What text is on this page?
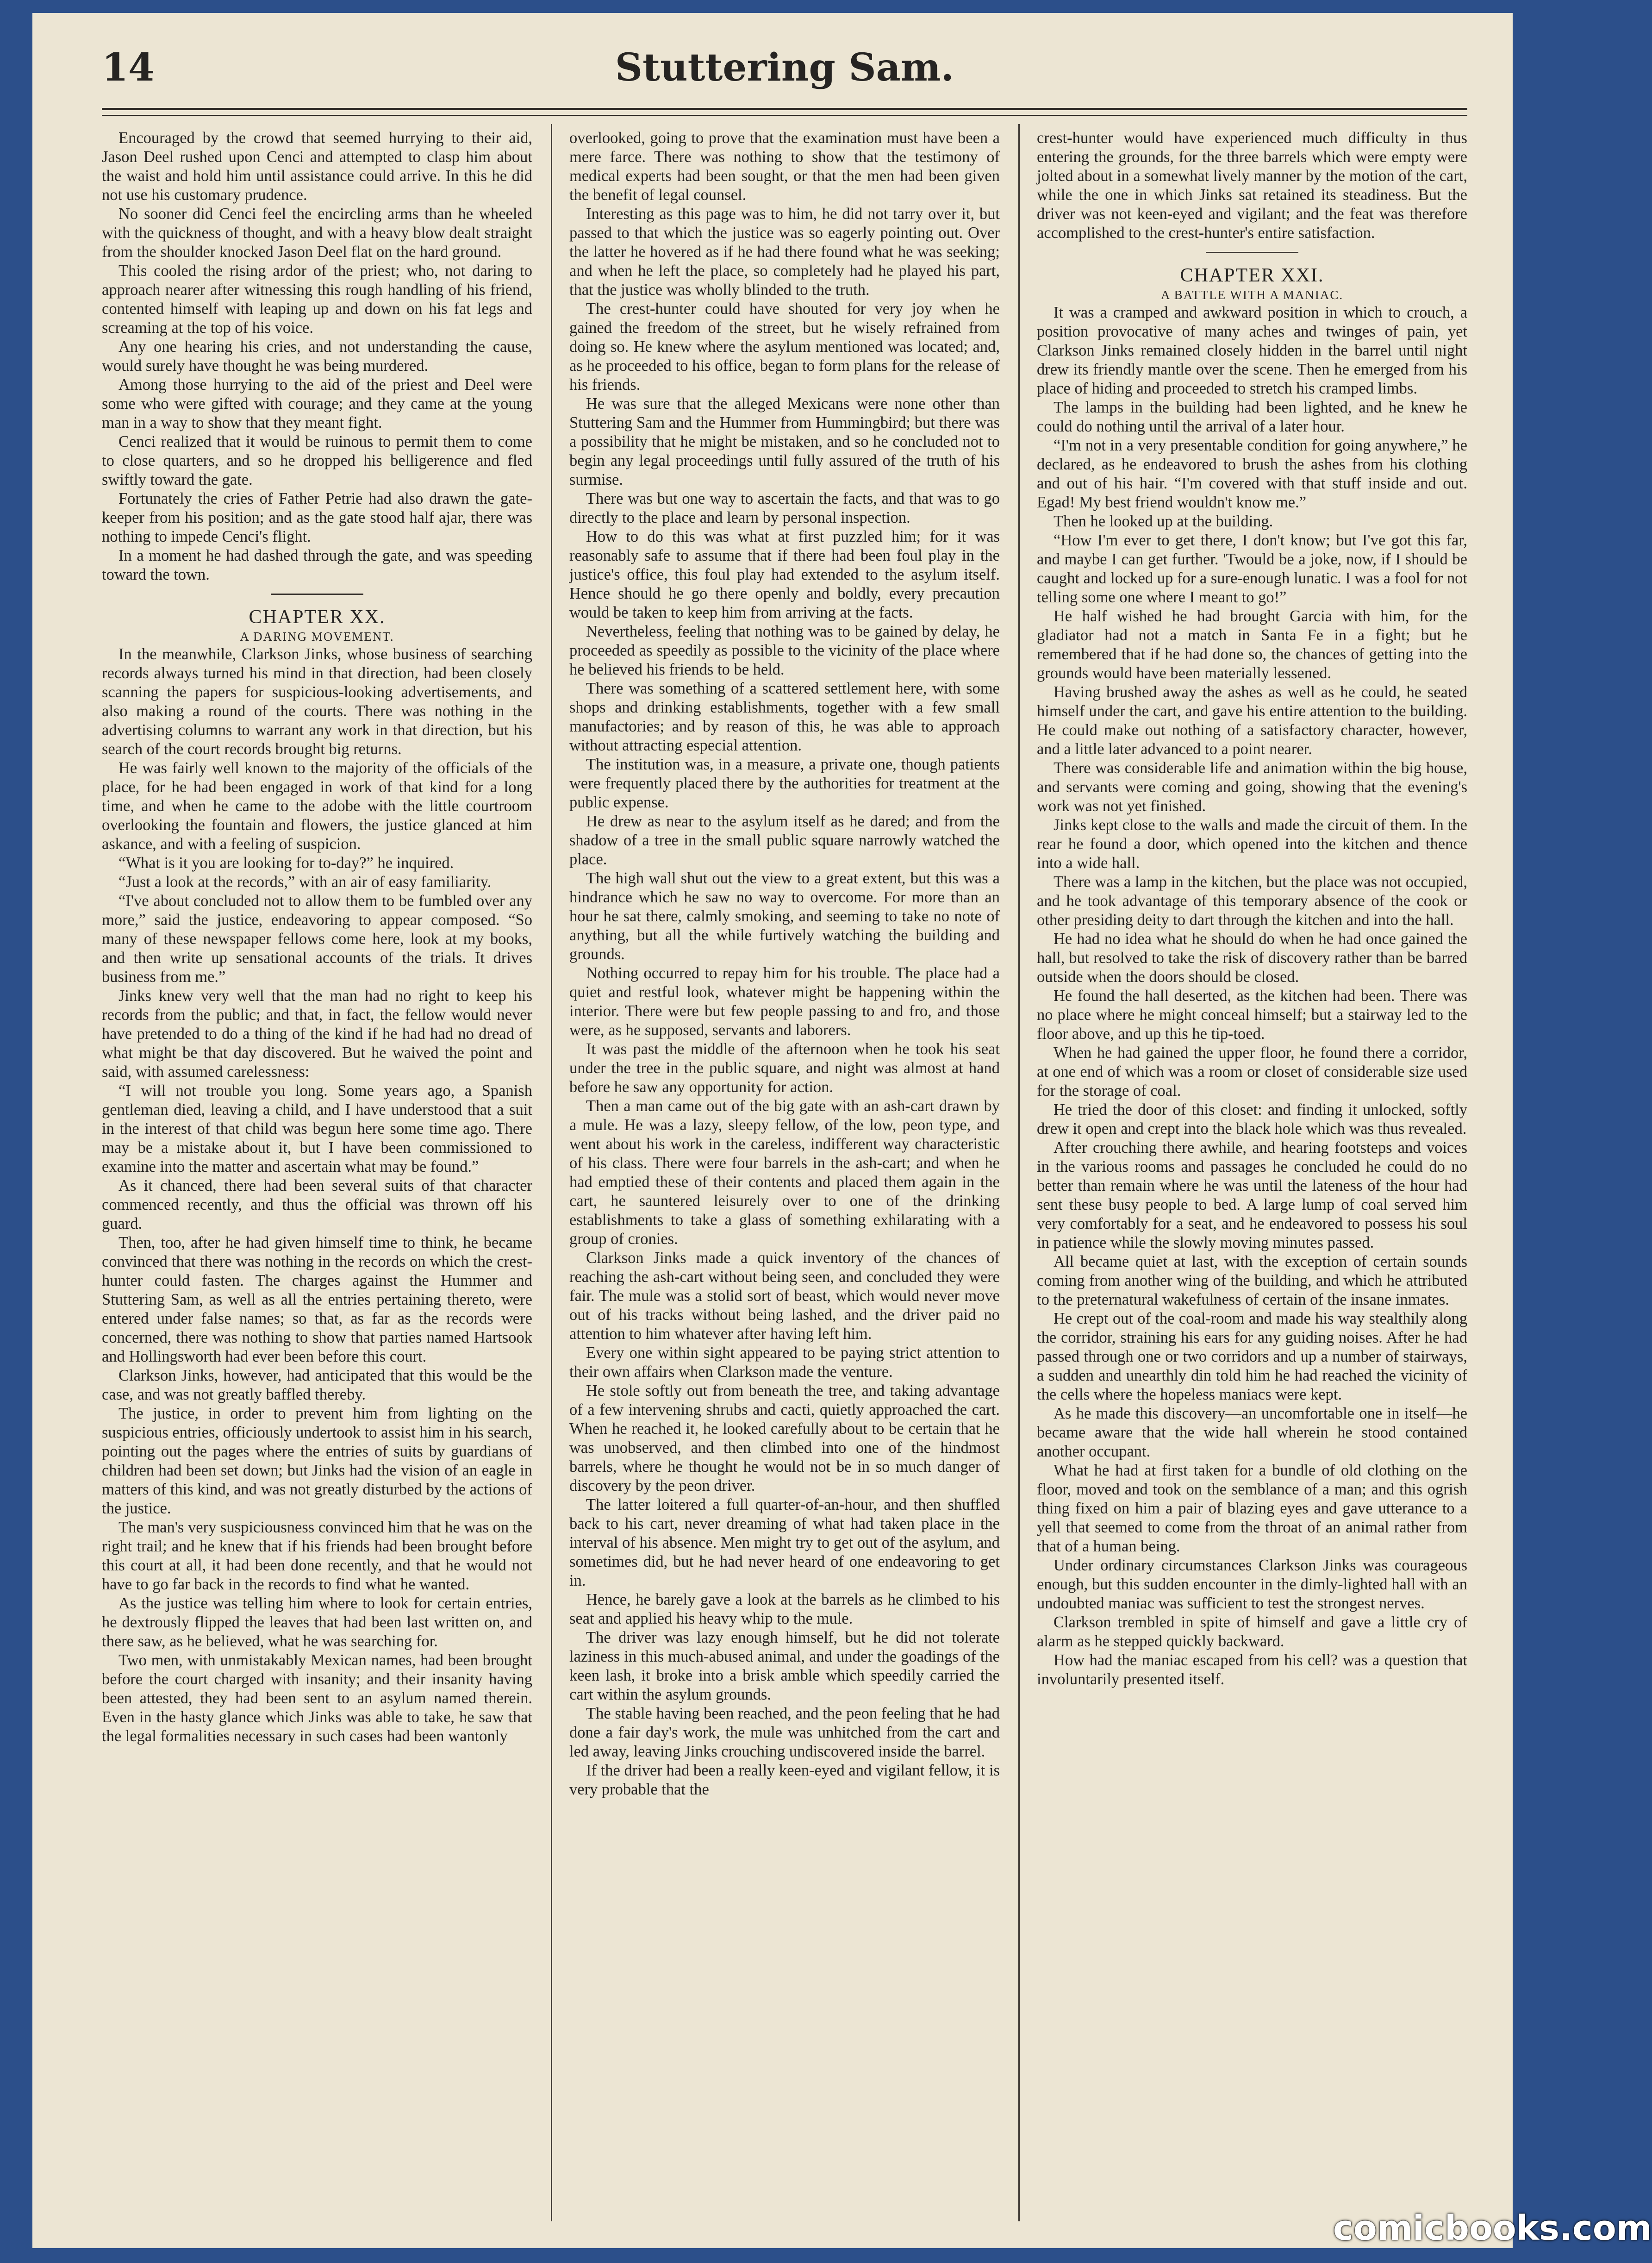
14	Stuttering Sam.

Encouraged by the crowd that seemed hurrying to their aid, Jason Deel rushed upon Cenci and attempted to clasp him about the waist and hold him until assistance could arrive. In this he did not use his customary prudence.

No sooner did Cenci feel the encircling arms than he wheeled with the quickness of thought, and with a heavy blow dealt straight from the shoulder knocked Jason Deel flat on the hard ground.

This cooled the rising ardor of the priest; who, not daring to approach nearer after witnessing this rough handling of his friend, contented himself with leaping up and down on his fat legs and screaming at the top of his voice.

Any one hearing his cries, and not understanding the cause, would surely have thought he was being murdered.

Among those hurrying to the aid of the priest and Deel were some who were gifted with courage; and they came at the young man in a way to show that they meant fight.

Cenci realized that it would be ruinous to permit them to come to close quarters, and so he dropped his belligerence and fled swiftly toward the gate.

Fortunately the cries of Father Petrie had also drawn the gate-keeper from his position; and as the gate stood half ajar, there was nothing to impede Cenci's flight.

In a moment he had dashed through the gate, and was speeding toward the town.

CHAPTER XX.
A DARING MOVEMENT.

In the meanwhile, Clarkson Jinks, whose business of searching records always turned his mind in that direction, had been closely scanning the papers for suspicious-looking advertisements, and also making a round of the courts. There was nothing in the advertising columns to warrant any work in that direction, but his search of the court records brought big returns.

He was fairly well known to the majority of the officials of the place, for he had been engaged in work of that kind for a long time, and when he came to the adobe with the little courtroom overlooking the fountain and flowers, the justice glanced at him askance, and with a feeling of suspicion.

“What is it you are looking for to-day?” he inquired.

“Just a look at the records,” with an air of easy familiarity.

“I've about concluded not to allow them to be fumbled over any more,” said the justice, endeavoring to appear composed. “So many of these newspaper fellows come here, look at my books, and then write up sensational accounts of the trials. It drives business from me.”

Jinks knew very well that the man had no right to keep his records from the public; and that, in fact, the fellow would never have pretended to do a thing of the kind if he had had no dread of what might be that day discovered. But he waived the point and said, with assumed carelessness:

“I will not trouble you long. Some years ago, a Spanish gentleman died, leaving a child, and I have understood that a suit in the interest of that child was begun here some time ago. There may be a mistake about it, but I have been commissioned to examine into the matter and ascertain what may be found.”

As it chanced, there had been several suits of that character commenced recently, and thus the official was thrown off his guard.

Then, too, after he had given himself time to think, he became convinced that there was nothing in the records on which the crest-hunter could fasten. The charges against the Hummer and Stuttering Sam, as well as all the entries pertaining thereto, were entered under false names; so that, as far as the records were concerned, there was nothing to show that parties named Hartsook and Hollingsworth had ever been before this court.

Clarkson Jinks, however, had anticipated that this would be the case, and was not greatly baffled thereby.

The justice, in order to prevent him from lighting on the suspicious entries, officiously undertook to assist him in his search, pointing out the pages where the entries of suits by guardians of children had been set down; but Jinks had the vision of an eagle in matters of this kind, and was not greatly disturbed by the actions of the justice.

The man's very suspiciousness convinced him that he was on the right trail; and he knew that if his friends had been brought before this court at all, it had been done recently, and that he would not have to go far back in the records to find what he wanted.

As the justice was telling him where to look for certain entries, he dextrously flipped the leaves that had been last written on, and there saw, as he believed, what he was searching for.

Two men, with unmistakably Mexican names, had been brought before the court charged with insanity; and their insanity having been attested, they had been sent to an asylum named therein. Even in the hasty glance which Jinks was able to take, he saw that the legal formalities necessary in such cases had been wantonly

overlooked, going to prove that the examination must have been a mere farce. There was nothing to show that the testimony of medical experts had been sought, or that the men had been given the benefit of legal counsel.

Interesting as this page was to him, he did not tarry over it, but passed to that which the justice was so eagerly pointing out. Over the latter he hovered as if he had there found what he was seeking; and when he left the place, so completely had he played his part, that the justice was wholly blinded to the truth.

The crest-hunter could have shouted for very joy when he gained the freedom of the street, but he wisely refrained from doing so. He knew where the asylum mentioned was located; and, as he proceeded to his office, began to form plans for the release of his friends.

He was sure that the alleged Mexicans were none other than Stuttering Sam and the Hummer from Hummingbird; but there was a possibility that he might be mistaken, and so he concluded not to begin any legal proceedings until fully assured of the truth of his surmise.

There was but one way to ascertain the facts, and that was to go directly to the place and learn by personal inspection.

How to do this was what at first puzzled him; for it was reasonably safe to assume that if there had been foul play in the justice's office, this foul play had extended to the asylum itself. Hence should he go there openly and boldly, every precaution would be taken to keep him from arriving at the facts.

Nevertheless, feeling that nothing was to be gained by delay, he proceeded as speedily as possible to the vicinity of the place where he believed his friends to be held.

There was something of a scattered settlement here, with some shops and drinking establishments, together with a few small manufactories; and by reason of this, he was able to approach without attracting especial attention.

The institution was, in a measure, a private one, though patients were frequently placed there by the authorities for treatment at the public expense.

He drew as near to the asylum itself as he dared; and from the shadow of a tree in the small public square narrowly watched the place.

The high wall shut out the view to a great extent, but this was a hindrance which he saw no way to overcome. For more than an hour he sat there, calmly smoking, and seeming to take no note of anything, but all the while furtively watching the building and grounds.

Nothing occurred to repay him for his trouble. The place had a quiet and restful look, whatever might be happening within the interior. There were but few people passing to and fro, and those were, as he supposed, servants and laborers.

It was past the middle of the afternoon when he took his seat under the tree in the public square, and night was almost at hand before he saw any opportunity for action.

Then a man came out of the big gate with an ash-cart drawn by a mule. He was a lazy, sleepy fellow, of the low, peon type, and went about his work in the careless, indifferent way characteristic of his class. There were four barrels in the ash-cart; and when he had emptied these of their contents and placed them again in the cart, he sauntered leisurely over to one of the drinking establishments to take a glass of something exhilarating with a group of cronies.

Clarkson Jinks made a quick inventory of the chances of reaching the ash-cart without being seen, and concluded they were fair. The mule was a stolid sort of beast, which would never move out of his tracks without being lashed, and the driver paid no attention to him whatever after having left him.

Every one within sight appeared to be paying strict attention to their own affairs when Clarkson made the venture.

He stole softly out from beneath the tree, and taking advantage of a few intervening shrubs and cacti, quietly approached the cart. When he reached it, he looked carefully about to be certain that he was unobserved, and then climbed into one of the hindmost barrels, where he thought he would not be in so much danger of discovery by the peon driver.

The latter loitered a full quarter-of-an-hour, and then shuffled back to his cart, never dreaming of what had taken place in the interval of his absence. Men might try to get out of the asylum, and sometimes did, but he had never heard of one endeavoring to get in.

Hence, he barely gave a look at the barrels as he climbed to his seat and applied his heavy whip to the mule.

The driver was lazy enough himself, but he did not tolerate laziness in this much-abused animal, and under the goadings of the keen lash, it broke into a brisk amble which speedily carried the cart within the asylum grounds.

The stable having been reached, and the peon feeling that he had done a fair day's work, the mule was unhitched from the cart and led away, leaving Jinks crouching undiscovered inside the barrel.

If the driver had been a really keen-eyed and vigilant fellow, it is very probable that the

crest-hunter would have experienced much difficulty in thus entering the grounds, for the three barrels which were empty were jolted about in a somewhat lively manner by the motion of the cart, while the one in which Jinks sat retained its steadiness. But the driver was not keen-eyed and vigilant; and the feat was therefore accomplished to the crest-hunter's entire satisfaction.

CHAPTER XXI.
A BATTLE WITH A MANIAC.

It was a cramped and awkward position in which to crouch, a position provocative of many aches and twinges of pain, yet Clarkson Jinks remained closely hidden in the barrel until night drew its friendly mantle over the scene. Then he emerged from his place of hiding and proceeded to stretch his cramped limbs.

The lamps in the building had been lighted, and he knew he could do nothing until the arrival of a later hour.

“I'm not in a very presentable condition for going anywhere,” he declared, as he endeavored to brush the ashes from his clothing and out of his hair. “I'm covered with that stuff inside and out. Egad! My best friend wouldn't know me.”

Then he looked up at the building.

“How I'm ever to get there, I don't know; but I've got this far, and maybe I can get further. 'Twould be a joke, now, if I should be caught and locked up for a sure-enough lunatic. I was a fool for not telling some one where I meant to go!”

He half wished he had brought Garcia with him, for the gladiator had not a match in Santa Fe in a fight; but he remembered that if he had done so, the chances of getting into the grounds would have been materially lessened.

Having brushed away the ashes as well as he could, he seated himself under the cart, and gave his entire attention to the building. He could make out nothing of a satisfactory character, however, and a little later advanced to a point nearer.

There was considerable life and animation within the big house, and servants were coming and going, showing that the evening's work was not yet finished.

Jinks kept close to the walls and made the circuit of them. In the rear he found a door, which opened into the kitchen and thence into a wide hall.

There was a lamp in the kitchen, but the place was not occupied, and he took advantage of this temporary absence of the cook or other presiding deity to dart through the kitchen and into the hall.

He had no idea what he should do when he had once gained the hall, but resolved to take the risk of discovery rather than be barred outside when the doors should be closed.

He found the hall deserted, as the kitchen had been. There was no place where he might conceal himself; but a stairway led to the floor above, and up this he tip-toed.

When he had gained the upper floor, he found there a corridor, at one end of which was a room or closet of considerable size used for the storage of coal.

He tried the door of this closet: and finding it unlocked, softly drew it open and crept into the black hole which was thus revealed.

After crouching there awhile, and hearing footsteps and voices in the various rooms and passages he concluded he could do no better than remain where he was until the lateness of the hour had sent these busy people to bed. A large lump of coal served him very comfortably for a seat, and he endeavored to possess his soul in patience while the slowly moving minutes passed.

All became quiet at last, with the exception of certain sounds coming from another wing of the building, and which he attributed to the preternatural wakefulness of certain of the insane inmates.

He crept out of the coal-room and made his way stealthily along the corridor, straining his ears for any guiding noises. After he had passed through one or two corridors and up a number of stairways, a sudden and unearthly din told him he had reached the vicinity of the cells where the hopeless maniacs were kept.

As he made this discovery—an uncomfortable one in itself—he became aware that the wide hall wherein he stood contained another occupant.

What he had at first taken for a bundle of old clothing on the floor, moved and took on the semblance of a man; and this ogrish thing fixed on him a pair of blazing eyes and gave utterance to a yell that seemed to come from the throat of an animal rather from that of a human being.

Under ordinary circumstances Clarkson Jinks was courageous enough, but this sudden encounter in the dimly-lighted hall with an undoubted maniac was sufficient to test the strongest nerves.

Clarkson trembled in spite of himself and gave a little cry of alarm as he stepped quickly backward.

How had the maniac escaped from his cell? was a question that involuntarily presented itself.

comicbooks.com
